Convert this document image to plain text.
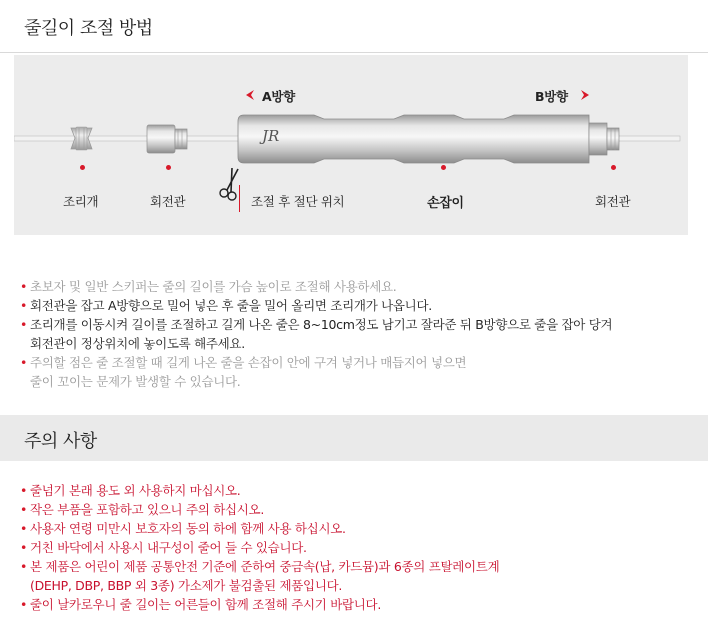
줄길이 조절 방법
JR
A방향	B방향
조리개	회전관	조절 후 절단 위치	손잡이	회전관
• 초보자 및 일반 스키퍼는 줄의 길이를 가슴 높이로 조절해 사용하세요.
• 회전관을 잡고 A방향으로 밀어 넣은 후 줄을 밀어 올리면 조리개가 나옵니다.
• 조리개를 이동시켜 길이를 조절하고 길게 나온 줄은 8~10cm정도 남기고 잘라준 뒤 B방향으로 줄을 잡아 당겨
회전관이 정상위치에 놓이도록 해주세요.
• 주의할 점은 줄 조절할 때 길게 나온 줄을 손잡이 안에 구겨 넣거나 매듭지어 넣으면
줄이 꼬이는 문제가 발생할 수 있습니다.
주의 사항
• 줄넘기 본래 용도 외 사용하지 마십시오.
• 작은 부품을 포함하고 있으니 주의 하십시오.
• 사용자 연령 미만시 보호자의 동의 하에 함께 사용 하십시오.
• 거친 바닥에서 사용시 내구성이 줄어 들 수 있습니다.
• 본 제품은 어린이 제품 공통안전 기준에 준하여 중금속(납, 카드뮴)과 6종의 프탈레이트계
(DEHP, DBP, BBP 외 3종) 가소제가 불검출된 제품입니다.
• 줄이 날카로우니 줄 길이는 어른들이 함께 조절해 주시기 바랍니다.
